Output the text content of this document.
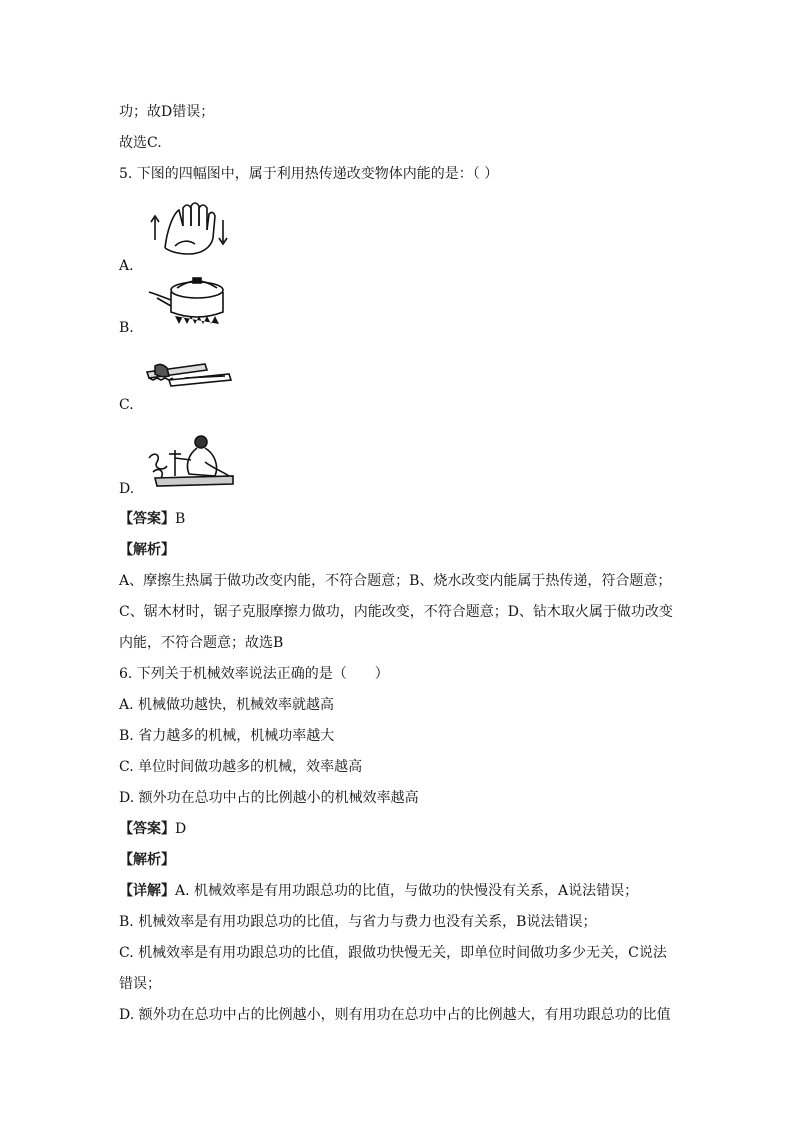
功；故D错误；
故选C.
5. 下图的四幅图中，属于利用热传递改变物体内能的是：（ ）
A.
B.
C.
D.
【答案】B
【解析】
A、摩擦生热属于做功改变内能，不符合题意；B、烧水改变内能属于热传递，符合题意；
C、锯木材时，锯子克服摩擦力做功，内能改变，不符合题意；D、钻木取火属于做功改变
内能，不符合题意；故选B
6. 下列关于机械效率说法正确的是（　　）
A. 机械做功越快，机械效率就越高
B. 省力越多的机械，机械功率越大
C. 单位时间做功越多的机械，效率越高
D. 额外功在总功中占的比例越小的机械效率越高
【答案】D
【解析】
【详解】A. 机械效率是有用功跟总功的比值，与做功的快慢没有关系，A说法错误；
B. 机械效率是有用功跟总功的比值，与省力与费力也没有关系，B说法错误；
C. 机械效率是有用功跟总功的比值，跟做功快慢无关，即单位时间做功多少无关，C说法
错误；
D. 额外功在总功中占的比例越小，则有用功在总功中占的比例越大，有用功跟总功的比值
